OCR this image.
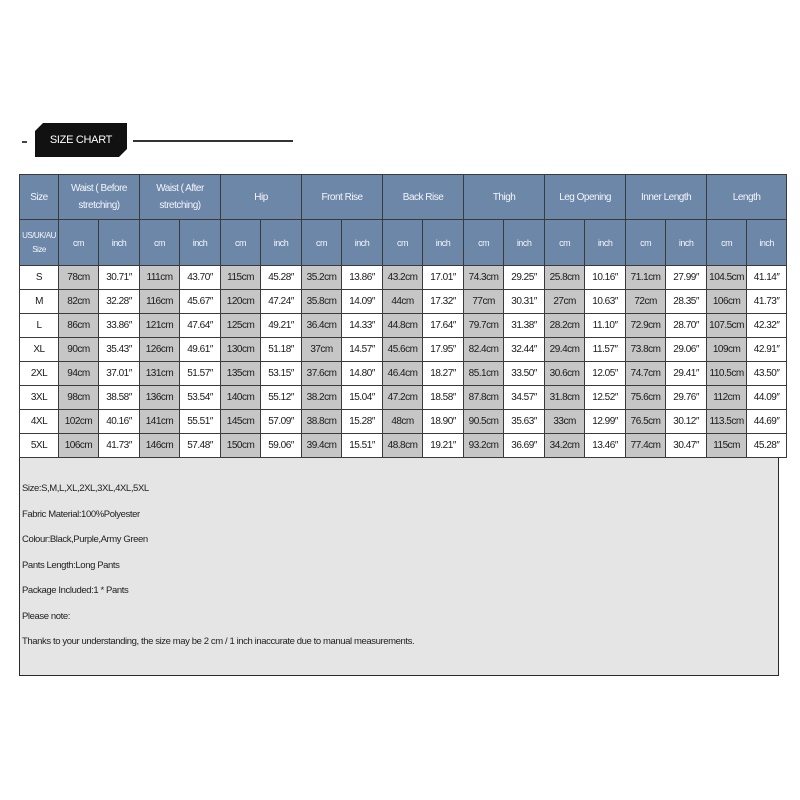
SIZE CHART
Size	Waist ( Before stretching)		Waist ( After stretching)		Hip		Front Rise		Back Rise		Thigh		Leg Opening		Inner Length		Length	
US/UK/AU Size	cm	inch	cm	inch	cm	inch	cm	inch	cm	inch	cm	inch	cm	inch	cm	inch	cm	inch
S	78cm	30.71″	111cm	43.70″	115cm	45.28″	35.2cm	13.86″	43.2cm	17.01″	74.3cm	29.25″	25.8cm	10.16″	71.1cm	27.99″	104.5cm	41.14″
M	82cm	32.28″	116cm	45.67″	120cm	47.24″	35.8cm	14.09″	44cm	17.32″	77cm	30.31″	27cm	10.63″	72cm	28.35″	106cm	41.73″
L	86cm	33.86″	121cm	47.64″	125cm	49.21″	36.4cm	14.33″	44.8cm	17.64″	79.7cm	31.38″	28.2cm	11.10″	72.9cm	28.70″	107.5cm	42.32″
XL	90cm	35.43″	126cm	49.61″	130cm	51.18″	37cm	14.57″	45.6cm	17.95″	82.4cm	32.44″	29.4cm	11.57″	73.8cm	29.06″	109cm	42.91″
2XL	94cm	37.01″	131cm	51.57″	135cm	53.15″	37.6cm	14.80″	46.4cm	18.27″	85.1cm	33.50″	30.6cm	12.05″	74.7cm	29.41″	110.5cm	43.50″
3XL	98cm	38.58″	136cm	53.54″	140cm	55.12″	38.2cm	15.04″	47.2cm	18.58″	87.8cm	34.57″	31.8cm	12.52″	75.6cm	29.76″	112cm	44.09″
4XL	102cm	40.16″	141cm	55.51″	145cm	57.09″	38.8cm	15.28″	48cm	18.90″	90.5cm	35.63″	33cm	12.99″	76.5cm	30.12″	113.5cm	44.69″
5XL	106cm	41.73″	146cm	57.48″	150cm	59.06″	39.4cm	15.51″	48.8cm	19.21″	93.2cm	36.69″	34.2cm	13.46″	77.4cm	30.47″	115cm	45.28″
Size:S,M,L,XL,2XL,3XL,4XL,5XL
Fabric Material:100%Polyester
Colour:Black,Purple,Army Green
Pants Length:Long Pants
Package Included:1 * Pants
Please note:
Thanks to your understanding, the size may be 2 cm / 1 inch inaccurate due to manual measurements.
